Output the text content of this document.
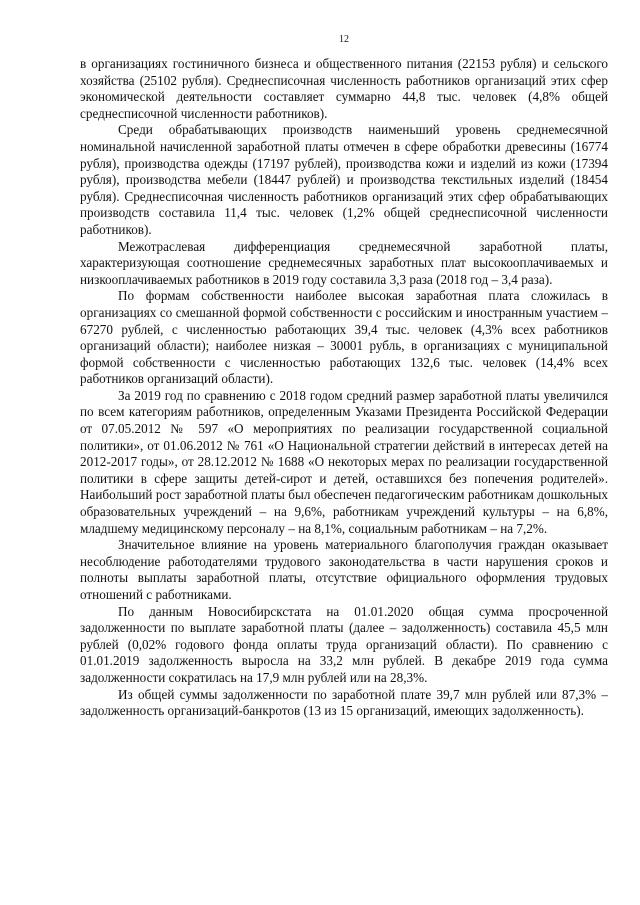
12

в организациях гостиничного бизнеса и общественного питания (22153 рубля) и сельского хозяйства (25102 рубля). Среднесписочная численность работников организаций этих сфер экономической деятельности составляет суммарно 44,8 тыс. человек (4,8% общей среднесписочной численности работников).

Среди обрабатывающих производств наименьший уровень среднемесячной номинальной начисленной заработной платы отмечен в сфере обработки древесины (16774 рубля), производства одежды (17197 рублей), производства кожи и изделий из кожи (17394 рубля), производства мебели (18447 рублей) и производства текстильных изделий (18454 рубля). Среднесписочная численность работников организаций этих сфер обрабатывающих производств составила 11,4 тыс. человек (1,2% общей среднесписочной численности работников).

Межотраслевая дифференциация среднемесячной заработной платы, характеризующая соотношение среднемесячных заработных плат высокооплачиваемых и низкооплачиваемых работников в 2019 году составила 3,3 раза (2018 год – 3,4 раза).

По формам собственности наиболее высокая заработная плата сложилась в организациях со смешанной формой собственности с российским и иностранным участием – 67270 рублей, с численностью работающих 39,4 тыс. человек (4,3% всех работников организаций области); наиболее низкая – 30001 рубль, в организациях с муниципальной формой собственности с численностью работающих 132,6 тыс. человек (14,4% всех работников организаций области).

За 2019 год по сравнению с 2018 годом средний размер заработной платы увеличился по всем категориям работников, определенным Указами Президента Российской Федерации от 07.05.2012 № 597 «О мероприятиях по реализации государственной социальной политики», от 01.06.2012 № 761 «О Национальной стратегии действий в интересах детей на 2012-2017 годы», от 28.12.2012 № 1688 «О некоторых мерах по реализации государственной политики в сфере защиты детей-сирот и детей, оставшихся без попечения родителей». Наибольший рост заработной платы был обеспечен педагогическим работникам дошкольных образовательных учреждений – на 9,6%, работникам учреждений культуры – на 6,8%, младшему медицинскому персоналу – на 8,1%, социальным работникам – на 7,2%.

Значительное влияние на уровень материального благополучия граждан оказывает несоблюдение работодателями трудового законодательства в части нарушения сроков и полноты выплаты заработной платы, отсутствие официального оформления трудовых отношений с работниками.

По данным Новосибирскстата на 01.01.2020 общая сумма просроченной задолженности по выплате заработной платы (далее – задолженность) составила 45,5 млн рублей (0,02% годового фонда оплаты труда организаций области). По сравнению с 01.01.2019 задолженность выросла на 33,2 млн рублей. В декабре 2019 года сумма задолженности сократилась на 17,9 млн рублей или на 28,3%.

Из общей суммы задолженности по заработной плате 39,7 млн рублей или 87,3% – задолженность организаций-банкротов (13 из 15 организаций, имеющих задолженность).
